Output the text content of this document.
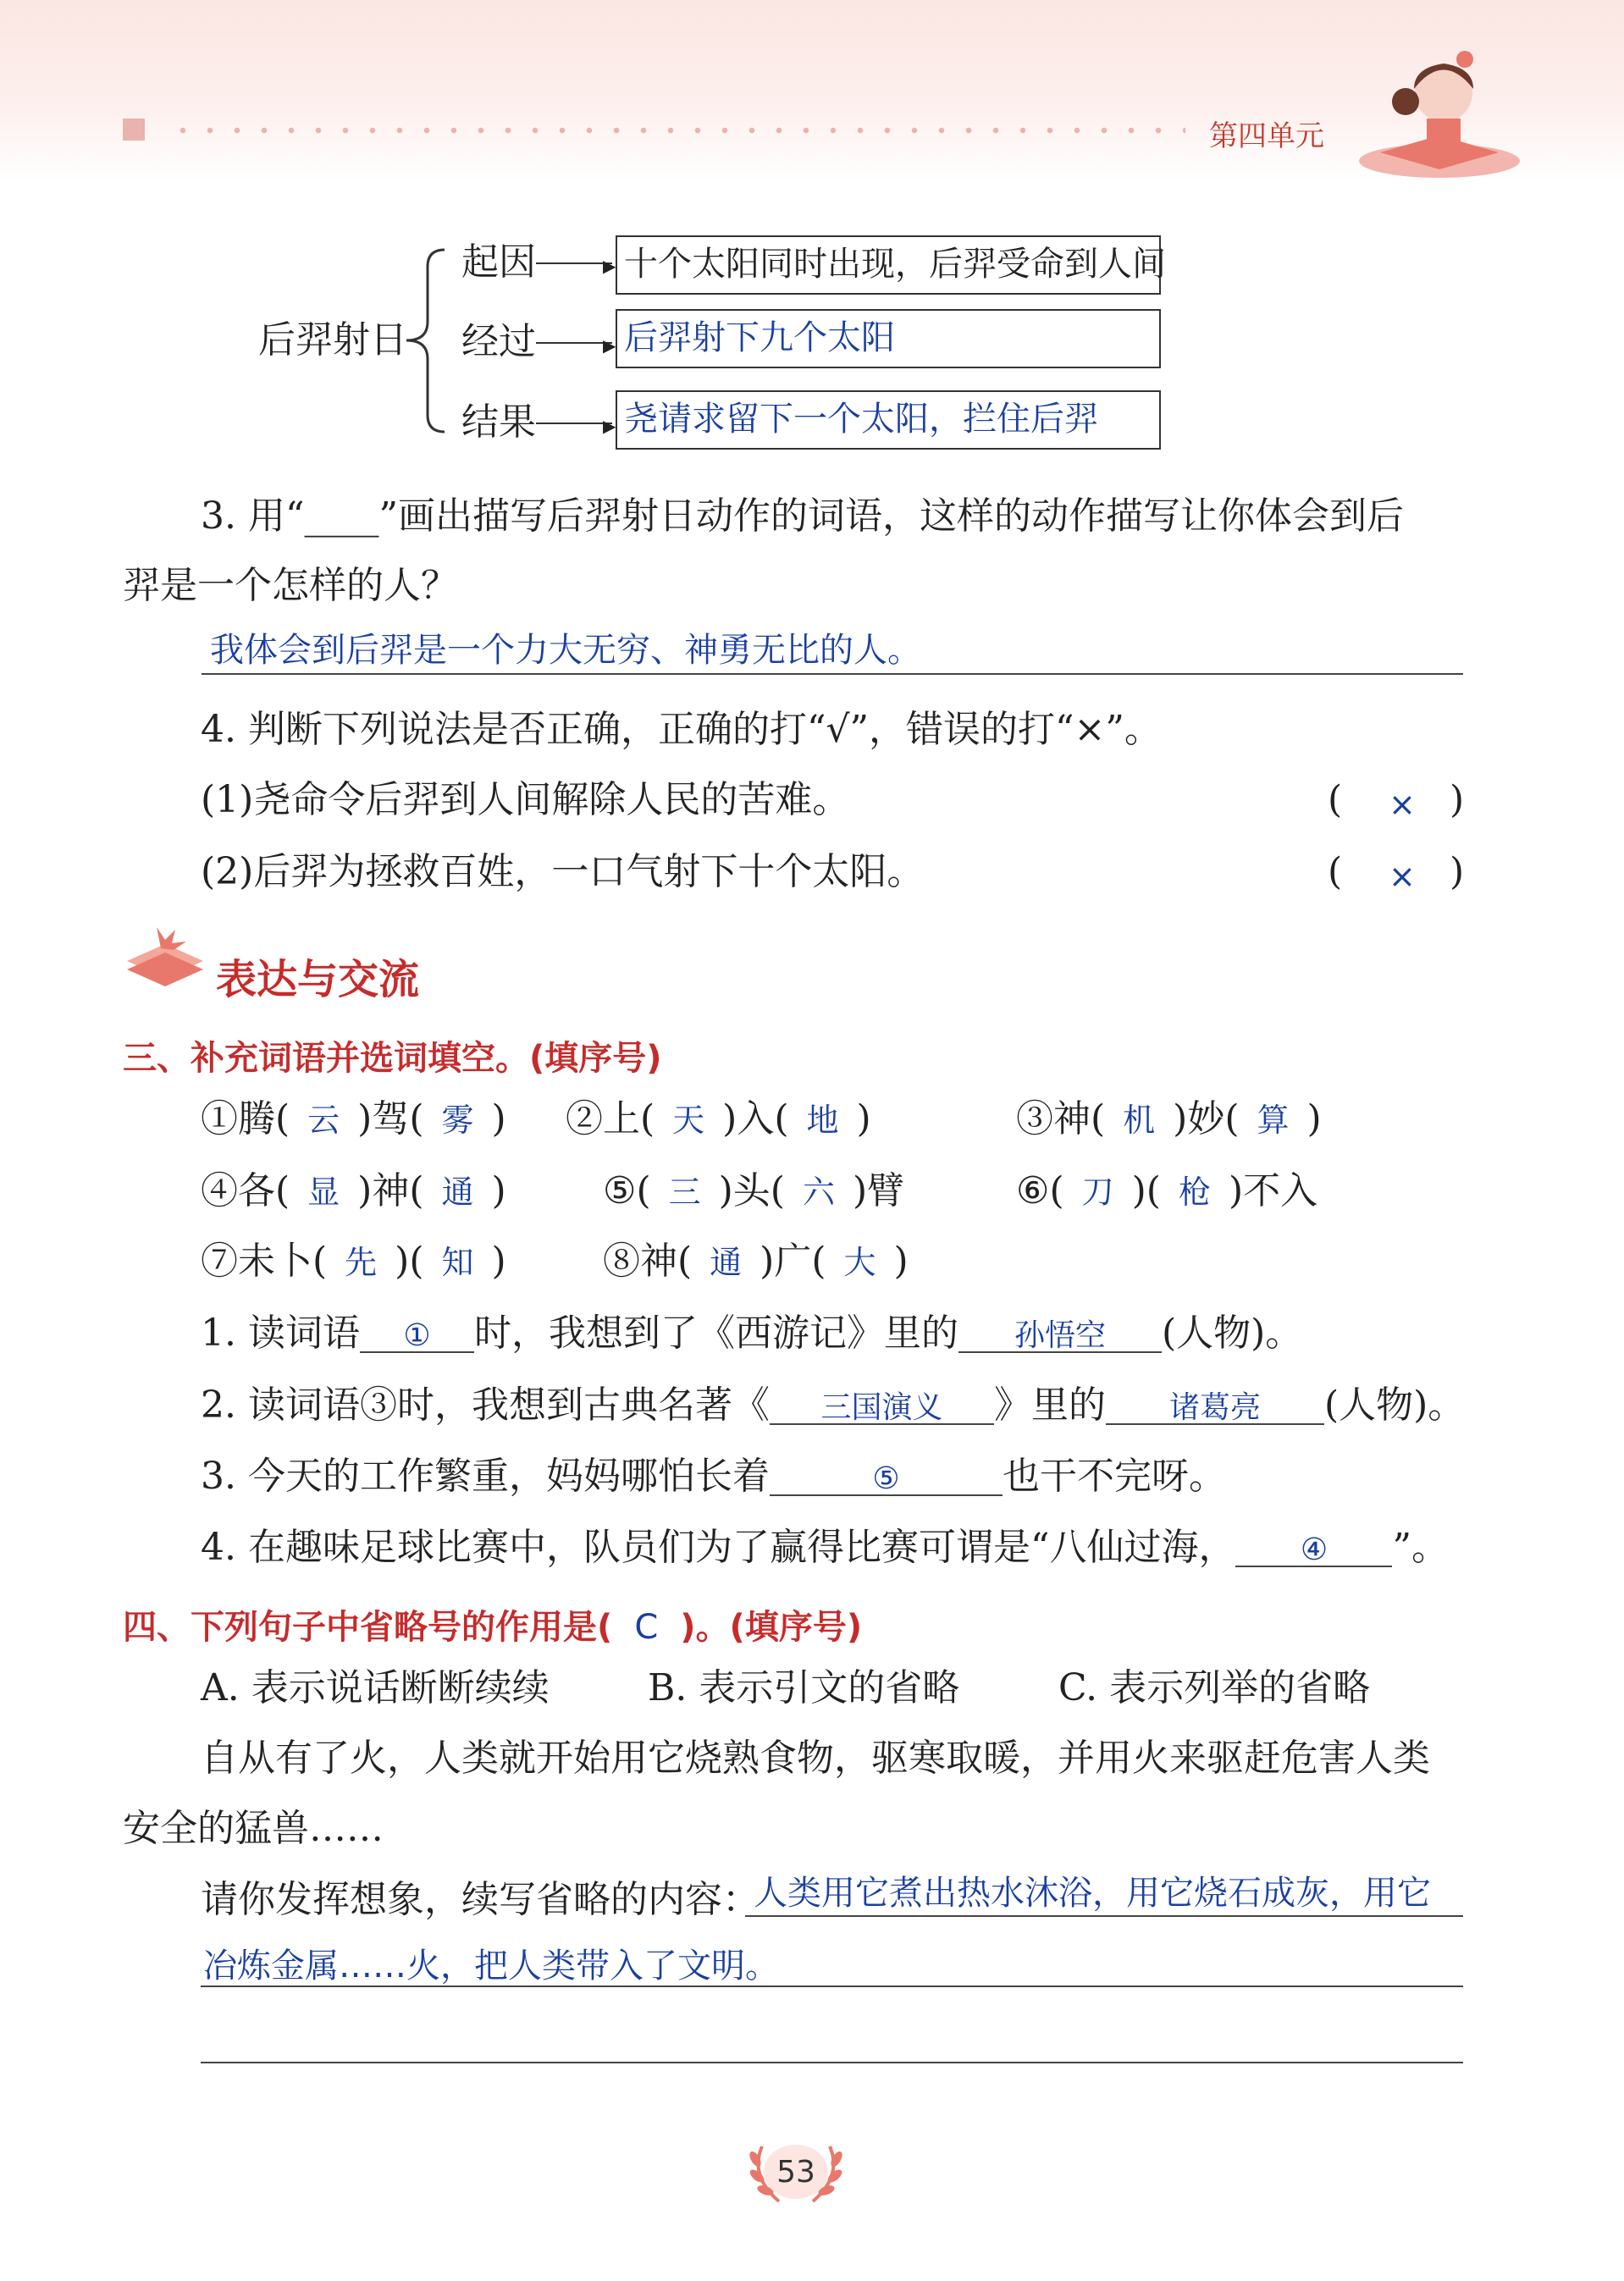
第四单元
后羿射日
起因	▶ 十个太阳同时出现，后羿受命到人间
经过	▶ 后羿射下九个太阳
结果	▶ 尧请求留下一个太阳，拦住后羿
3. 用“____”画出描写后羿射日动作的词语，这样的动作描写让你体会到后
羿是一个怎样的人？
我体会到后羿是一个力大无穷、神勇无比的人。
4. 判断下列说法是否正确，正确的打“√”，错误的打“×”。
(1)尧命令后羿到人间解除人民的苦难。	( × )
(2)后羿为拯救百姓，一口气射下十个太阳。	( × )
表达与交流
三、补充词语并选词填空。(填序号)
①腾( 云 )驾( 雾 ) ②上( 天 )入( 地 )	③神( 机 )妙( 算 )
④各( 显 )神( 通 )	⑤( 三 )头( 六 )臂	⑥( 刀 )( 枪 )不入
⑦未卜( 先 )( 知 )	⑧神( 通 )广( 大 )
1. 读词语 ① 时，我想到了《西游记》里的 孙悟空 (人物)。
2. 读词语③时，我想到古典名著《 三国演义 》里的 诸葛亮 (人物)。
3. 今天的工作繁重，妈妈哪怕长着	⑤	也干不完呀。
4. 在趣味足球比赛中，队员们为了赢得比赛可谓是“八仙过海， ④ ”。
四、下列句子中省略号的作用是( C )。(填序号)
A. 表示说话断断续续	B. 表示引文的省略	C. 表示列举的省略
自从有了火，人类就开始用它烧熟食物，驱寒取暖，并用火来驱赶危害人类
安全的猛兽……
请你发挥想象，续写省略的内容：
人类用它煮出热水沐浴，用它烧石成灰，用它
冶炼金属……火，把人类带入了文明。
53
